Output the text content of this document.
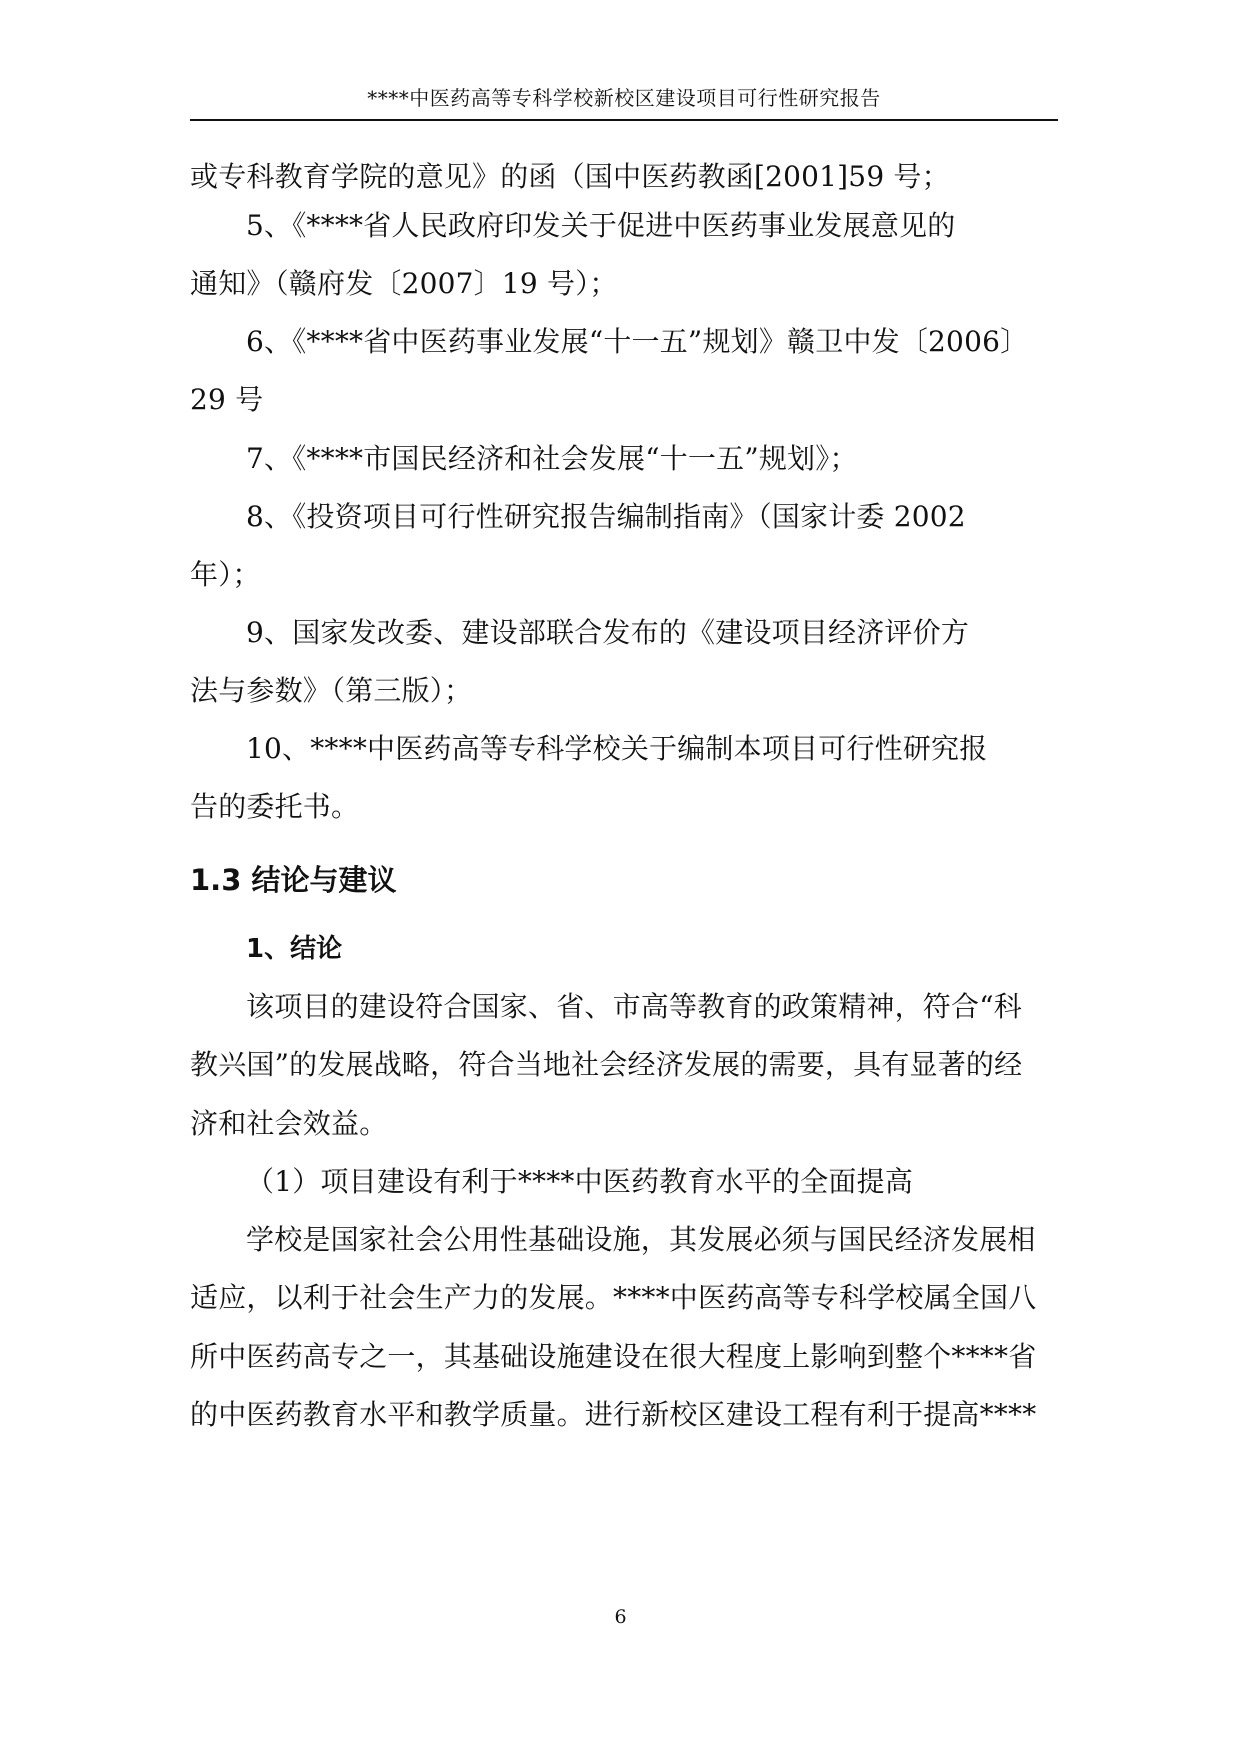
****中医药高等专科学校新校区建设项目可行性研究报告
或专科教育学院的意见》的函（国中医药教函[2001]59 号；
5、《****省人民政府印发关于促进中医药事业发展意见的
通知》（赣府发〔2007〕19 号）；
6、《****省中医药事业发展“十一五”规划》赣卫中发〔2006〕
29 号
7、《****市国民经济和社会发展“十一五”规划》；
8、《投资项目可行性研究报告编制指南》（国家计委 2002
年）；
9、国家发改委、建设部联合发布的《建设项目经济评价方
法与参数》（第三版）；
10、****中医药高等专科学校关于编制本项目可行性研究报
告的委托书。
1.3 结论与建议
1、结论
该项目的建设符合国家、省、市高等教育的政策精神，符合“科
教兴国”的发展战略，符合当地社会经济发展的需要，具有显著的经
济和社会效益。
（1）项目建设有利于****中医药教育水平的全面提高
学校是国家社会公用性基础设施，其发展必须与国民经济发展相
适应，以利于社会生产力的发展。****中医药高等专科学校属全国八
所中医药高专之一，其基础设施建设在很大程度上影响到整个****省
的中医药教育水平和教学质量。进行新校区建设工程有利于提高****
6
